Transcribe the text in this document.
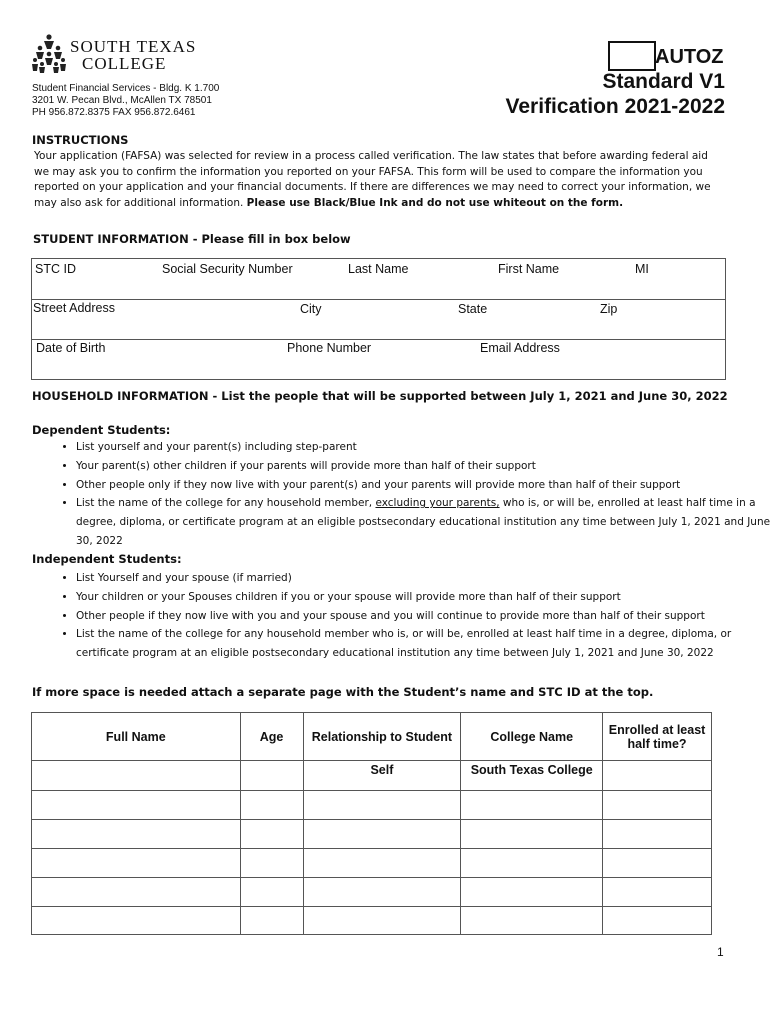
SOUTH TEXAS
COLLEGE
Student Financial Services - Bldg. K 1.700
3201 W. Pecan Blvd., McAllen TX 78501
PH 956.872.8375 FAX 956.872.6461
AUTOZ
Standard V1
Verification 2021-2022
INSTRUCTIONS
Your application (FAFSA) was selected for review in a process called verification. The law states that before awarding federal aid we may ask you to confirm the information you reported on your FAFSA. This form will be used to compare the information you reported on your application and your financial documents. If there are differences we may need to correct your information, we may also ask for additional information. Please use Black/Blue Ink and do not use whiteout on the form.
STUDENT INFORMATION - Please fill in box below
STC ID	Social Security Number	Last Name	First Name	MI
Street Address	City	State	Zip
Date of Birth	Phone Number	Email Address
HOUSEHOLD INFORMATION - List the people that will be supported between July 1, 2021 and June 30, 2022
Dependent Students:
• List yourself and your parent(s) including step-parent
• Your parent(s) other children if your parents will provide more than half of their support
• Other people only if they now live with your parent(s) and your parents will provide more than half of their support
• List the name of the college for any household member, excluding your parents, who is, or will be, enrolled at least half time in a degree, diploma, or certificate program at an eligible postsecondary educational institution any time between July 1, 2021 and June 30, 2022
Independent Students:
• List Yourself and your spouse (if married)
• Your children or your Spouses children if you or your spouse will provide more than half of their support
• Other people if they now live with you and your spouse and you will continue to provide more than half of their support
• List the name of the college for any household member who is, or will be, enrolled at least half time in a degree, diploma, or certificate program at an eligible postsecondary educational institution any time between July 1, 2021 and June 30, 2022
If more space is needed attach a separate page with the Student’s name and STC ID at the top.
Full Name	Age	Relationship to Student	College Name	Enrolled at least half time?
		Self	South Texas College	

1
